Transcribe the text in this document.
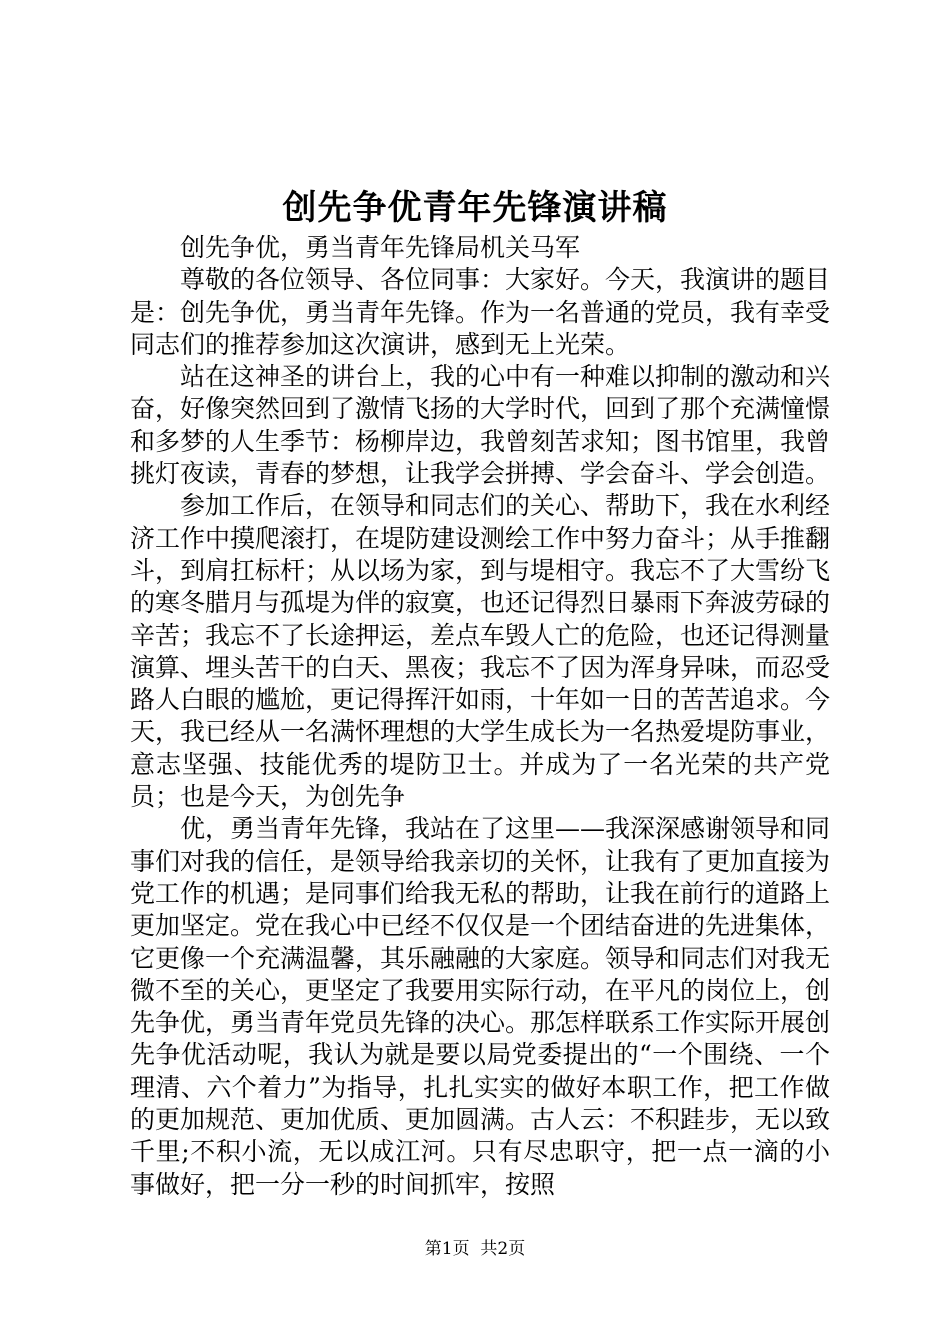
创先争优青年先锋演讲稿

创先争优，勇当青年先锋局机关马军

尊敬的各位领导、各位同事：大家好。今天，我演讲的题目是：创先争优，勇当青年先锋。作为一名普通的党员，我有幸受同志们的推荐参加这次演讲，感到无上光荣。

站在这神圣的讲台上，我的心中有一种难以抑制的激动和兴奋，好像突然回到了激情飞扬的大学时代，回到了那个充满憧憬和多梦的人生季节：杨柳岸边，我曾刻苦求知；图书馆里，我曾挑灯夜读，青春的梦想，让我学会拼搏、学会奋斗、学会创造。

参加工作后，在领导和同志们的关心、帮助下，我在水利经济工作中摸爬滚打，在堤防建设测绘工作中努力奋斗；从手推翻斗，到肩扛标杆；从以场为家，到与堤相守。我忘不了大雪纷飞的寒冬腊月与孤堤为伴的寂寞，也还记得烈日暴雨下奔波劳碌的辛苦；我忘不了长途押运，差点车毁人亡的危险，也还记得测量演算、埋头苦干的白天、黑夜；我忘不了因为浑身异味，而忍受路人白眼的尴尬，更记得挥汗如雨，十年如一日的苦苦追求。今天，我已经从一名满怀理想的大学生成长为一名热爱堤防事业，意志坚强、技能优秀的堤防卫士。并成为了一名光荣的共产党员；也是今天，为创先争

优，勇当青年先锋，我站在了这里——我深深感谢领导和同事们对我的信任，是领导给我亲切的关怀，让我有了更加直接为党工作的机遇；是同事们给我无私的帮助，让我在前行的道路上更加坚定。党在我心中已经不仅仅是一个团结奋进的先进集体，它更像一个充满温馨，其乐融融的大家庭。领导和同志们对我无微不至的关心，更坚定了我要用实际行动，在平凡的岗位上，创先争优，勇当青年党员先锋的决心。那怎样联系工作实际开展创先争优活动呢，我认为就是要以局党委提出的“一个围绕、一个理清、六个着力”为指导，扎扎实实的做好本职工作，把工作做的更加规范、更加优质、更加圆满。古人云：不积跬步，无以致千里;不积小流，无以成江河。只有尽忠职守，把一点一滴的小事做好，把一分一秒的时间抓牢，按照

第1页 共2页
